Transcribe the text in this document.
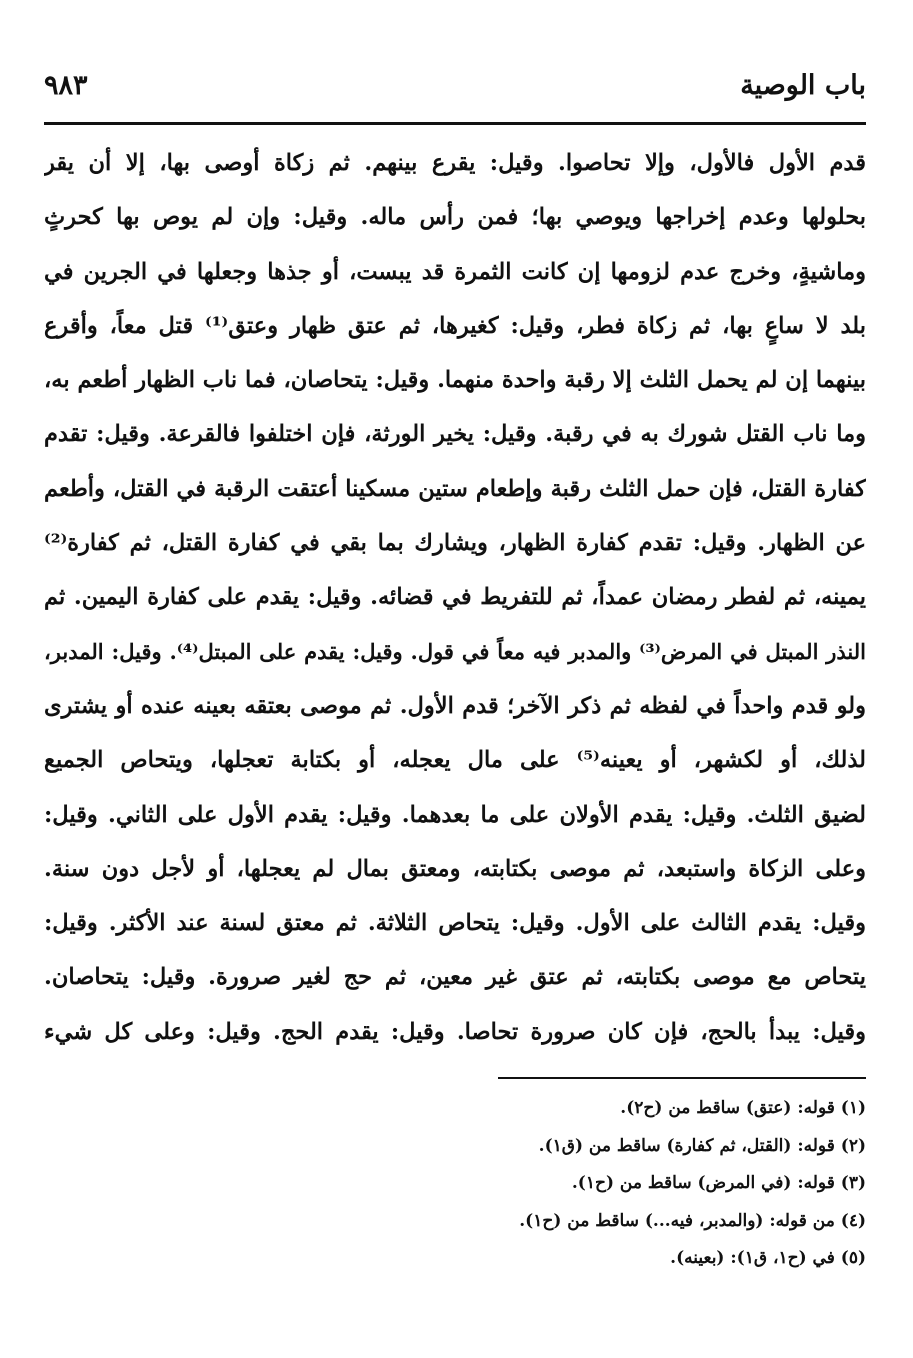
باب الوصية
٩٨٣
قدم الأول فالأول، وإلا تحاصوا. وقيل: يقرع بينهم. ثم زكاة أوصى بها، إلا أن يقر
بحلولها وعدم إخراجها ويوصي بها؛ فمن رأس ماله. وقيل: وإن لم يوص بها كحرثٍ
وماشيةٍ، وخرج عدم لزومها إن كانت الثمرة قد يبست، أو جذها وجعلها في الجرين في
بلد لا ساعٍ بها، ثم زكاة فطر، وقيل: كغيرها، ثم عتق ظهار وعتق⁽¹⁾ قتل معاً، وأقرع
بينهما إن لم يحمل الثلث إلا رقبة واحدة منهما. وقيل: يتحاصان، فما ناب الظهار أطعم به،
وما ناب القتل شورك به في رقبة. وقيل: يخير الورثة، فإن اختلفوا فالقرعة. وقيل: تقدم
كفارة القتل، فإن حمل الثلث رقبة وإطعام ستين مسكينا أعتقت الرقبة في القتل، وأطعم
عن الظهار. وقيل: تقدم كفارة الظهار، ويشارك بما بقي في كفارة القتل، ثم كفارة⁽²⁾
يمينه، ثم لفطر رمضان عمداً، ثم للتفريط في قضائه. وقيل: يقدم على كفارة اليمين. ثم
النذر المبتل في المرض⁽³⁾ والمدبر فيه معاً في قول. وقيل: يقدم على المبتل⁽⁴⁾. وقيل: المدبر،
ولو قدم واحداً في لفظه ثم ذكر الآخر؛ قدم الأول. ثم موصى بعتقه بعينه عنده أو يشترى
لذلك، أو لكشهر، أو يعينه⁽⁵⁾ على مال يعجله، أو بكتابة تعجلها، ويتحاص الجميع
لضيق الثلث. وقيل: يقدم الأولان على ما بعدهما. وقيل: يقدم الأول على الثاني. وقيل:
وعلى الزكاة واستبعد، ثم موصى بكتابته، ومعتق بمال لم يعجلها، أو لأجل دون سنة.
وقيل: يقدم الثالث على الأول. وقيل: يتحاص الثلاثة. ثم معتق لسنة عند الأكثر. وقيل:
يتحاص مع موصى بكتابته، ثم عتق غير معين، ثم حج لغير صرورة. وقيل: يتحاصان.
وقيل: يبدأ بالحج، فإن كان صرورة تحاصا. وقيل: يقدم الحج. وقيل: وعلى كل شيء
(١) قوله: (عتق) ساقط من (ح٢).
(٢) قوله: (القتل، ثم كفارة) ساقط من (ق١).
(٣) قوله: (في المرض) ساقط من (ح١).
(٤) من قوله: (والمدبر، فيه...) ساقط من (ح١).
(٥) في (ح١، ق١): (بعينه).
